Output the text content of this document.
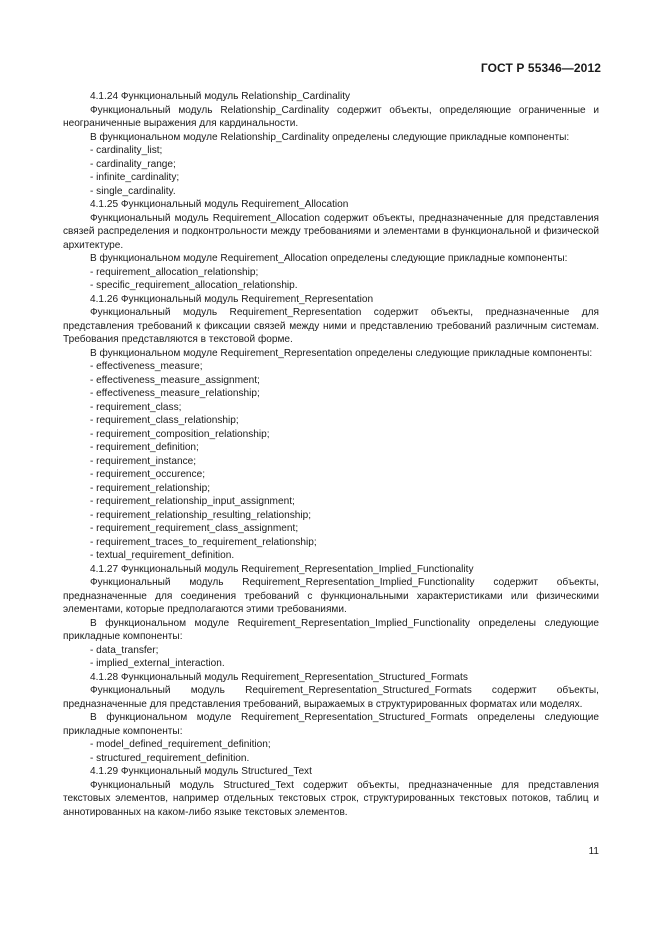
ГОСТ Р 55346—2012
4.1.24 Функциональный модуль Relationship_Cardinality
Функциональный модуль Relationship_Cardinality содержит объекты, определяющие ограниченные и неограниченные выражения для кардинальности.
В функциональном модуле Relationship_Cardinality определены следующие прикладные компоненты:
- cardinality_list;
- cardinality_range;
- infinite_cardinality;
- single_cardinality.
4.1.25 Функциональный модуль Requirement_Allocation
Функциональный модуль Requirement_Allocation содержит объекты, предназначенные для представления связей распределения и подконтрольности между требованиями и элементами в функциональной и физической архитектуре.
В функциональном модуле Requirement_Allocation определены следующие прикладные компоненты:
- requirement_allocation_relationship;
- specific_requirement_allocation_relationship.
4.1.26 Функциональный модуль Requirement_Representation
Функциональный модуль Requirement_Representation содержит объекты, предназначенные для представления требований к фиксации связей между ними и представлению требований различным системам. Требования представляются в текстовой форме.
В функциональном модуле Requirement_Representation определены следующие прикладные компоненты:
- effectiveness_measure;
- effectiveness_measure_assignment;
- effectiveness_measure_relationship;
- requirement_class;
- requirement_class_relationship;
- requirement_composition_relationship;
- requirement_definition;
- requirement_instance;
- requirement_occurence;
- requirement_relationship;
- requirement_relationship_input_assignment;
- requirement_relationship_resulting_relationship;
- requirement_requirement_class_assignment;
- requirement_traces_to_requirement_relationship;
- textual_requirement_definition.
4.1.27 Функциональный модуль Requirement_Representation_Implied_Functionality
Функциональный модуль Requirement_Representation_Implied_Functionality содержит объекты, предназначенные для соединения требований с функциональными характеристиками или физическими элементами, которые предполагаются этими требованиями.
В функциональном модуле Requirement_Representation_Implied_Functionality определены следующие прикладные компоненты:
- data_transfer;
- implied_external_interaction.
4.1.28 Функциональный модуль Requirement_Representation_Structured_Formats
Функциональный модуль Requirement_Representation_Structured_Formats содержит объекты, предназначенные для представления требований, выражаемых в структурированных форматах или моделях.
В функциональном модуле Requirement_Representation_Structured_Formats определены следующие прикладные компоненты:
- model_defined_requirement_definition;
- structured_requirement_definition.
4.1.29 Функциональный модуль Structured_Text
Функциональный модуль Structured_Text содержит объекты, предназначенные для представления текстовых элементов, например отдельных текстовых строк, структурированных текстовых потоков, таблиц и аннотированных на каком-либо языке текстовых элементов.
11
